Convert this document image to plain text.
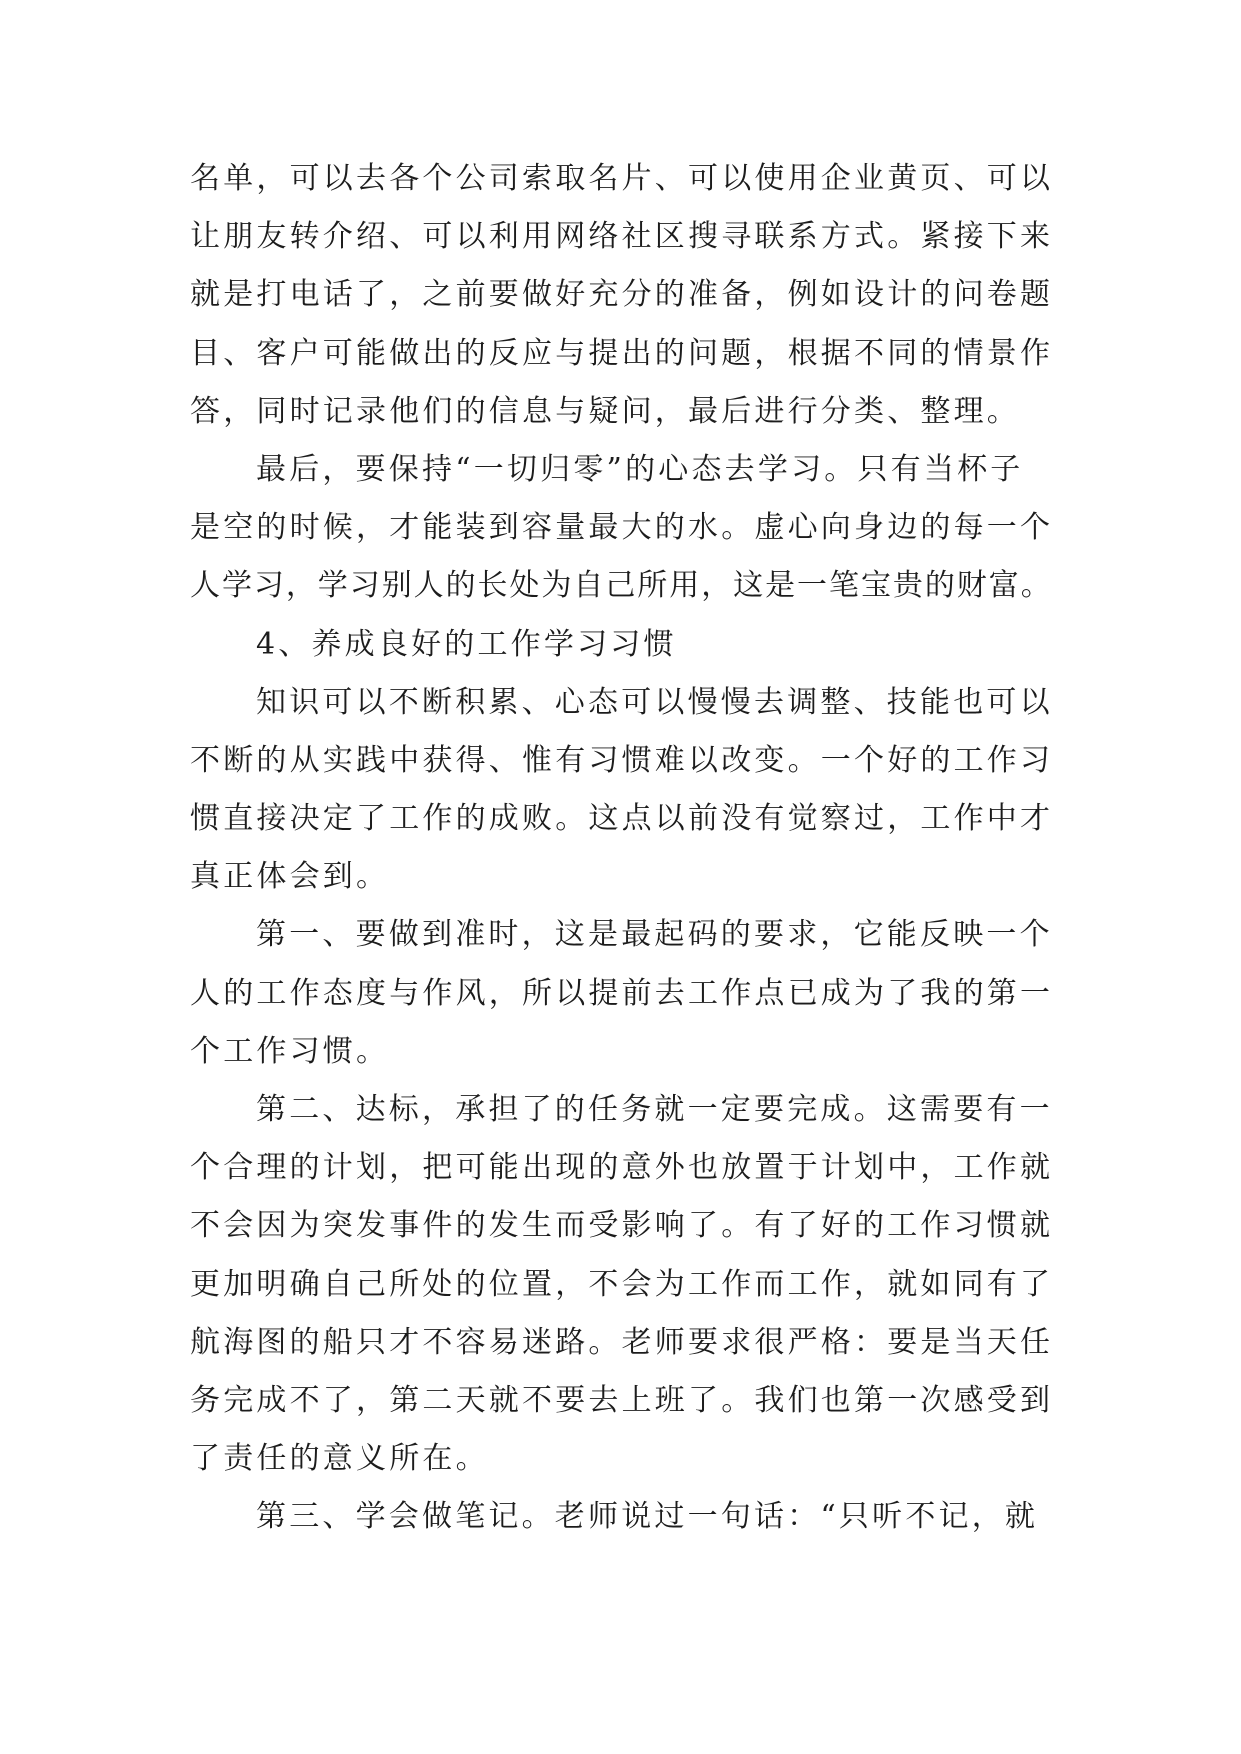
名单，可以去各个公司索取名片、可以使用企业黄页、可以
让朋友转介绍、可以利用网络社区搜寻联系方式。紧接下来
就是打电话了，之前要做好充分的准备，例如设计的问卷题
目、客户可能做出的反应与提出的问题，根据不同的情景作
答，同时记录他们的信息与疑问，最后进行分类、整理。
最后，要保持“一切归零”的心态去学习。只有当杯子
是空的时候，才能装到容量最大的水。虚心向身边的每一个
人学习，学习别人的长处为自己所用，这是一笔宝贵的财富。
4、养成良好的工作学习习惯
知识可以不断积累、心态可以慢慢去调整、技能也可以
不断的从实践中获得、惟有习惯难以改变。一个好的工作习
惯直接决定了工作的成败。这点以前没有觉察过，工作中才
真正体会到。
第一、要做到准时，这是最起码的要求，它能反映一个
人的工作态度与作风，所以提前去工作点已成为了我的第一
个工作习惯。
第二、达标，承担了的任务就一定要完成。这需要有一
个合理的计划，把可能出现的意外也放置于计划中，工作就
不会因为突发事件的发生而受影响了。有了好的工作习惯就
更加明确自己所处的位置，不会为工作而工作，就如同有了
航海图的船只才不容易迷路。老师要求很严格：要是当天任
务完成不了，第二天就不要去上班了。我们也第一次感受到
了责任的意义所在。
第三、学会做笔记。老师说过一句话：“只听不记，就
